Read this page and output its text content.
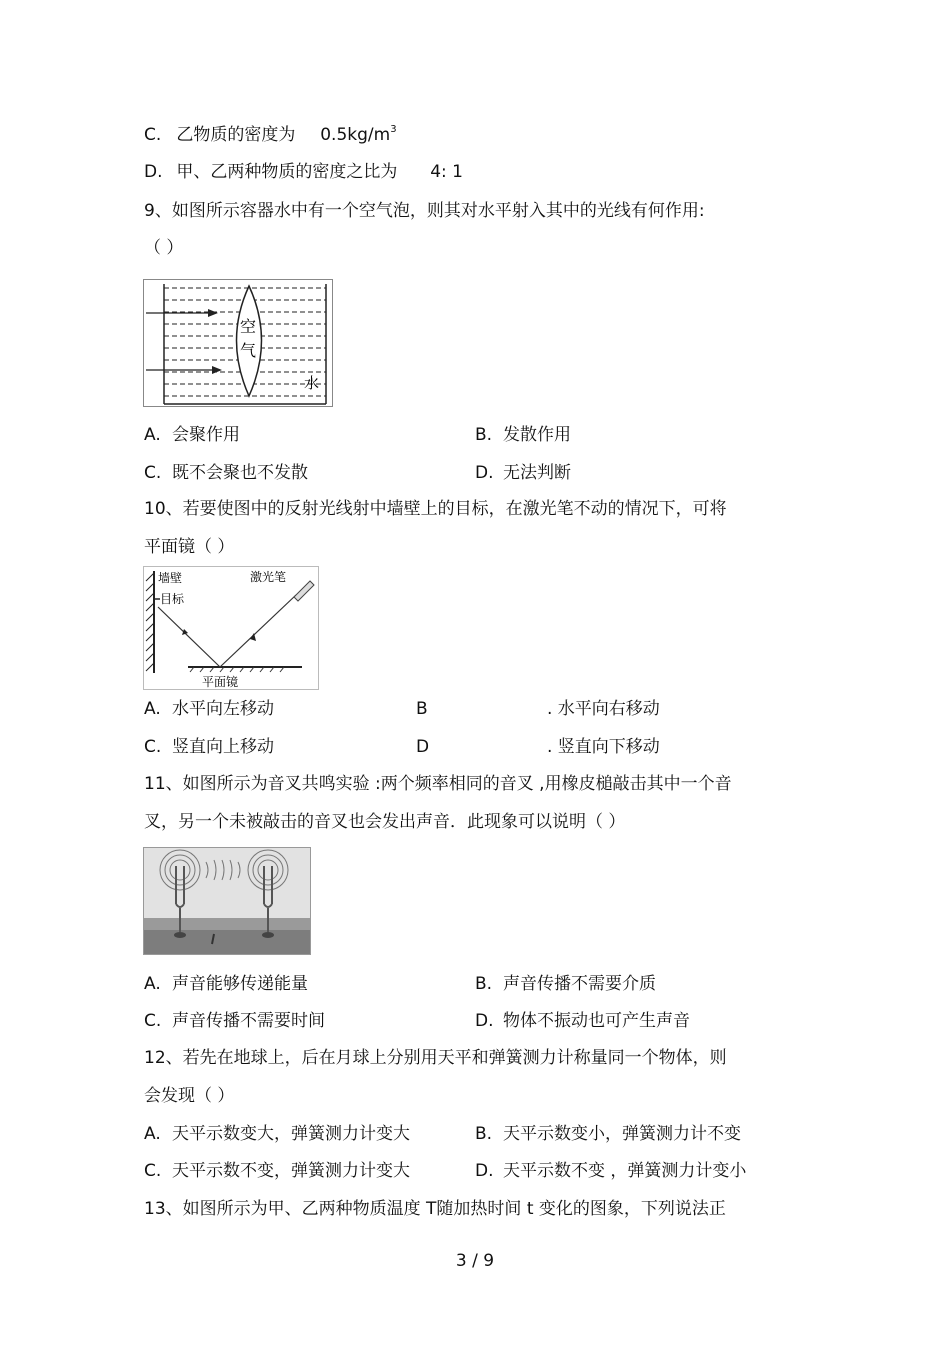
C. 乙物质的密度为 $0.5kg/m^3$
D. 甲、乙两种物质的密度之比为 4: 1
9、如图所示容器水中有一个空气泡，则其对水平射入其中的光线有何作用:
（ ）
空
气
水
A. 会聚作用	B. 发散作用
C. 既不会聚也不发散	D. 无法判断
10、若要使图中的反射光线射中墙壁上的目标，在激光笔不动的情况下，可将
平面镜（ ）
墙壁
目标
激光笔
平面镜
A. 水平向左移动	B	. 水平向右移动
C. 竖直向上移动	D	. 竖直向下移动
11、如图所示为音叉共鸣实验 :两个频率相同的音叉 ,用橡皮槌敲击其中一个音
叉，另一个未被敲击的音叉也会发出声音．此现象可以说明（ ）
A. 声音能够传递能量	B. 声音传播不需要介质
C. 声音传播不需要时间	D. 物体不振动也可产生声音
12、若先在地球上，后在月球上分别用天平和弹簧测力计称量同一个物体，则
会发现（ ）
A. 天平示数变大，弹簧测力计变大	B. 天平示数变小，弹簧测力计不变
C. 天平示数不变，弹簧测力计变大	D. 天平示数不变 ，弹簧测力计变小
13、如图所示为甲、乙两种物质温度 T随加热时间 t 变化的图象，下列说法正
3 / 9
